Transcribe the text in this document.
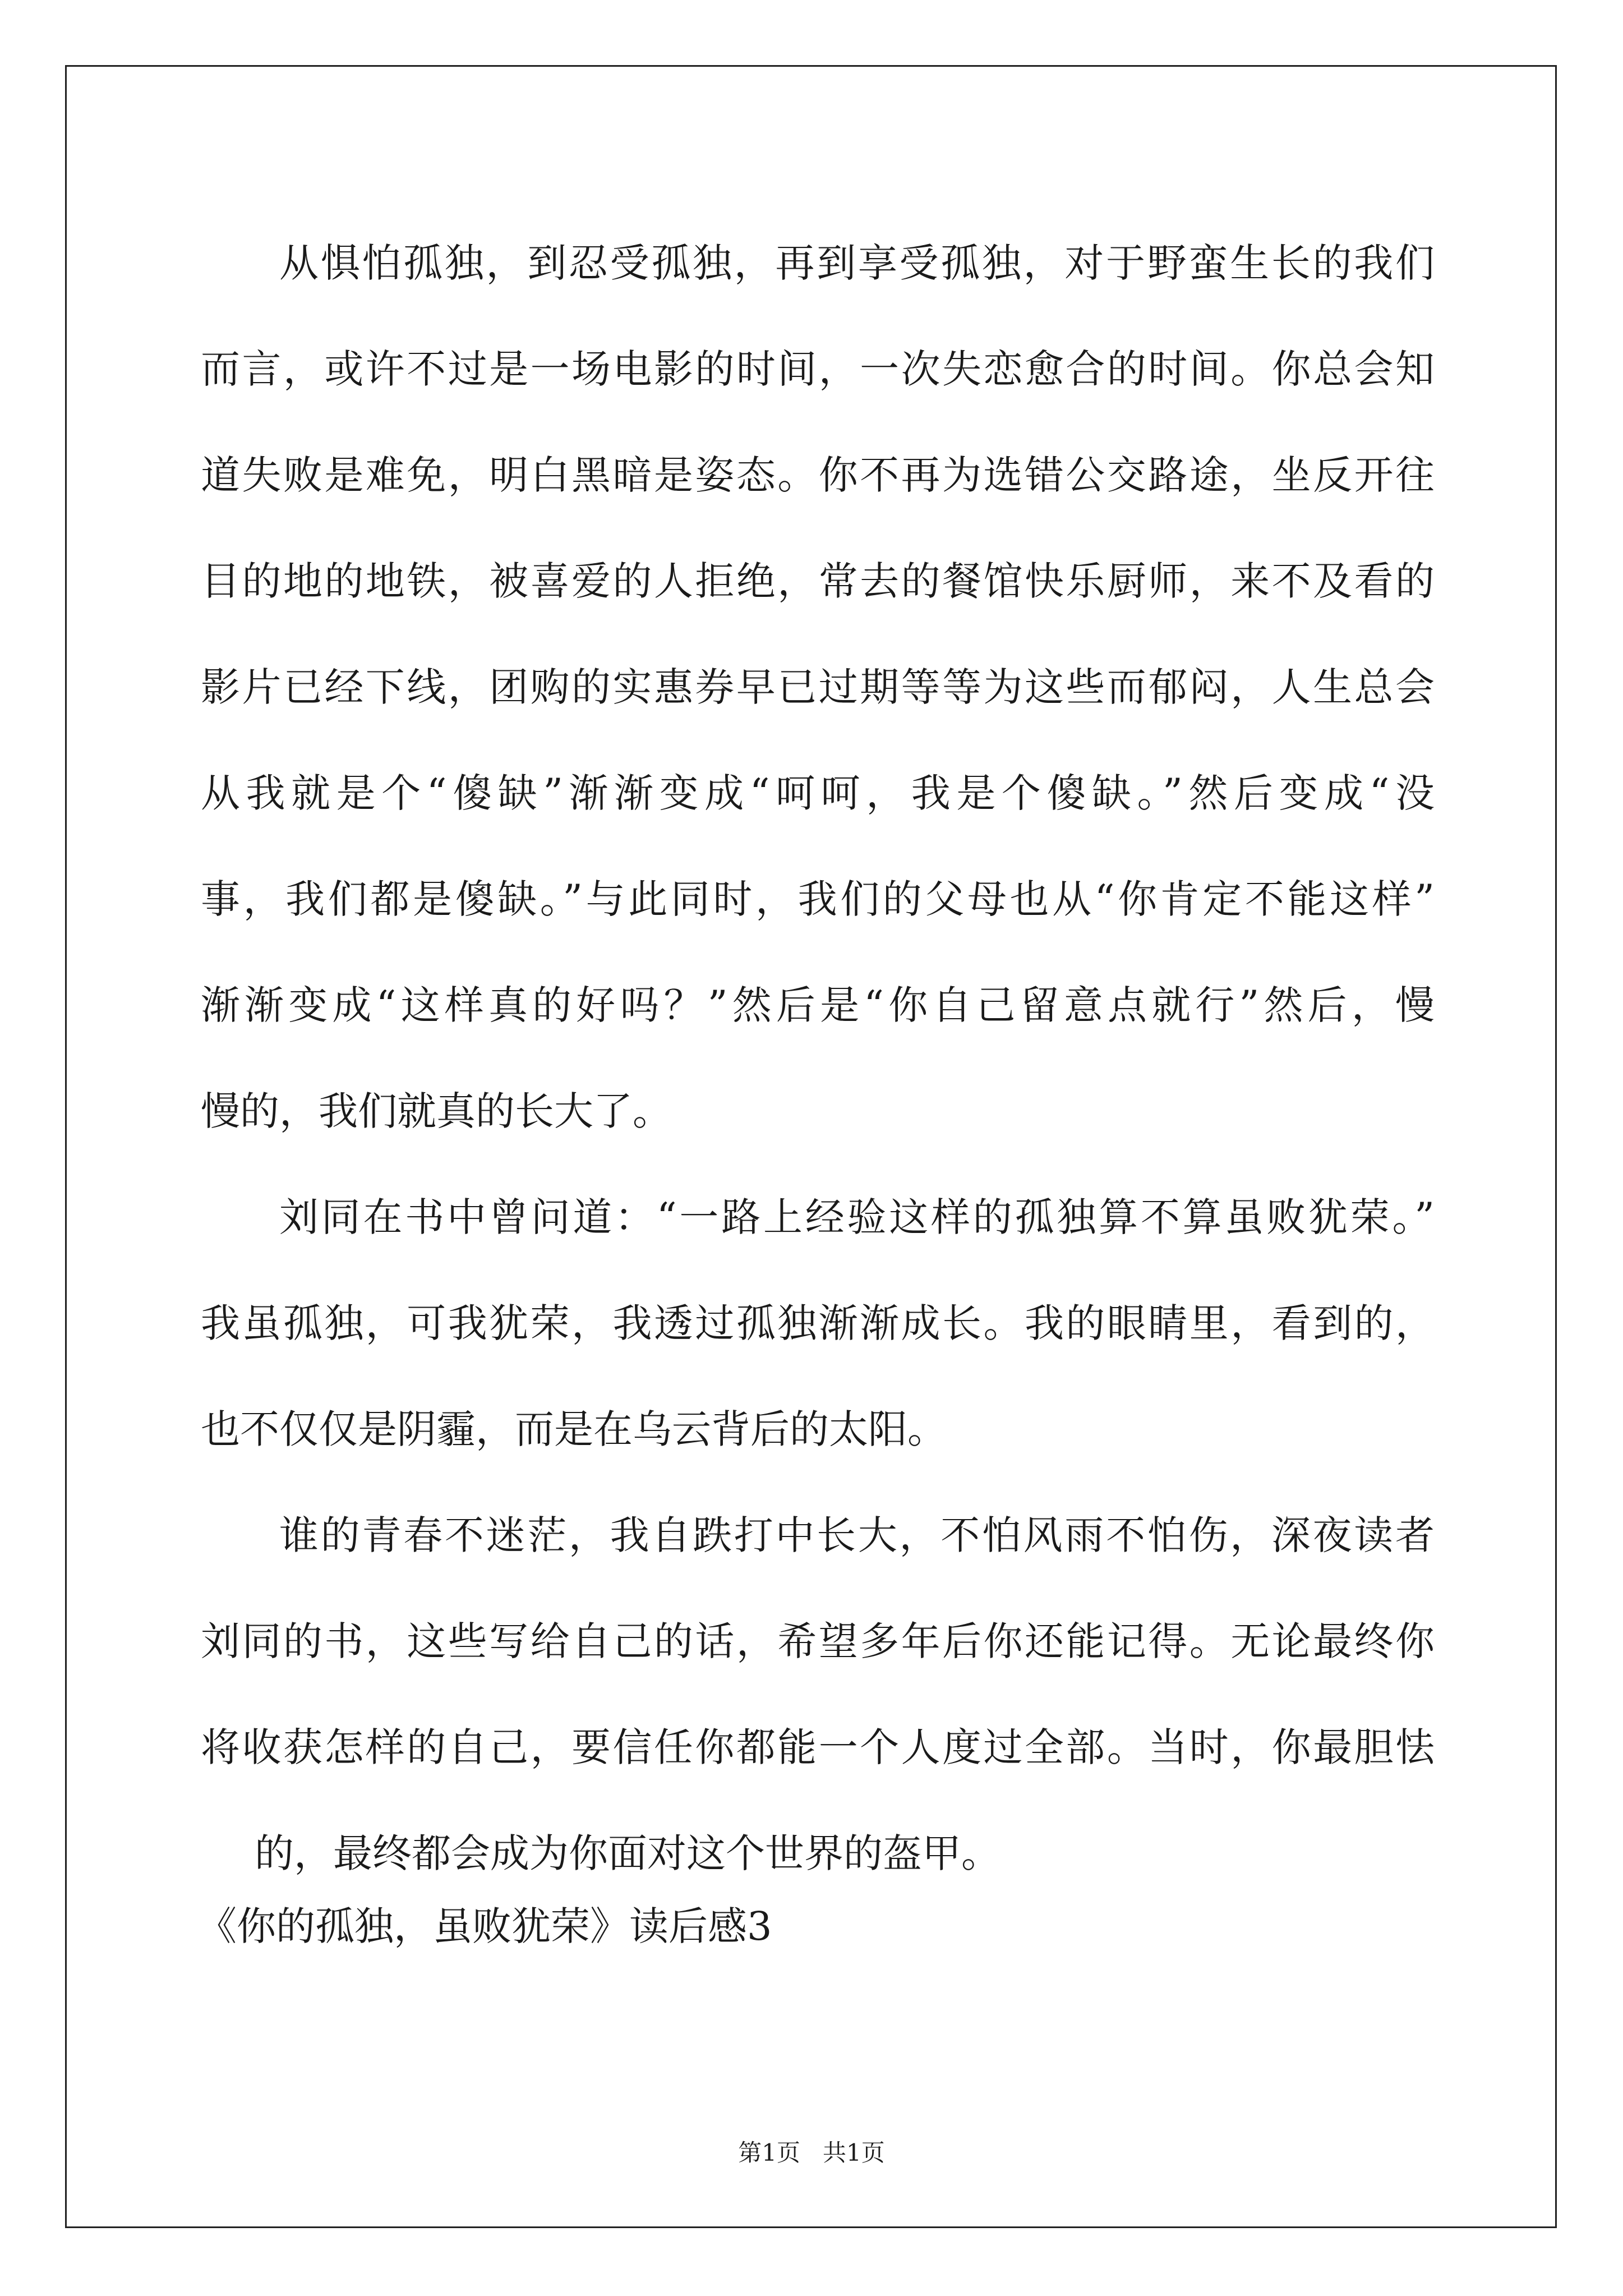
从惧怕孤独，到忍受孤独，再到享受孤独，对于野蛮生长的我们
而言，或许不过是一场电影的时间，一次失恋愈合的时间。你总会知
道失败是难免，明白黑暗是姿态。你不再为选错公交路途，坐反开往
目的地的地铁，被喜爱的人拒绝，常去的餐馆快乐厨师，来不及看的
影片已经下线，团购的实惠券早已过期等等为这些而郁闷，人生总会
从我就是个“傻缺”渐渐变成“呵呵，我是个傻缺。”然后变成“没
事，我们都是傻缺。”与此同时，我们的父母也从“你肯定不能这样”
渐渐变成“这样真的好吗？”然后是“你自己留意点就行”然后，慢
慢的，我们就真的长大了。
刘同在书中曾问道：“一路上经验这样的孤独算不算虽败犹荣。”
我虽孤独，可我犹荣，我透过孤独渐渐成长。我的眼睛里，看到的，
也不仅仅是阴霾，而是在乌云背后的太阳。
谁的青春不迷茫，我自跌打中长大，不怕风雨不怕伤，深夜读者
刘同的书，这些写给自己的话，希望多年后你还能记得。无论最终你
将收获怎样的自己，要信任你都能一个人度过全部。当时，你最胆怯
的，最终都会成为你面对这个世界的盔甲。
《你的孤独，虽败犹荣》读后感3
第1页   共1页
